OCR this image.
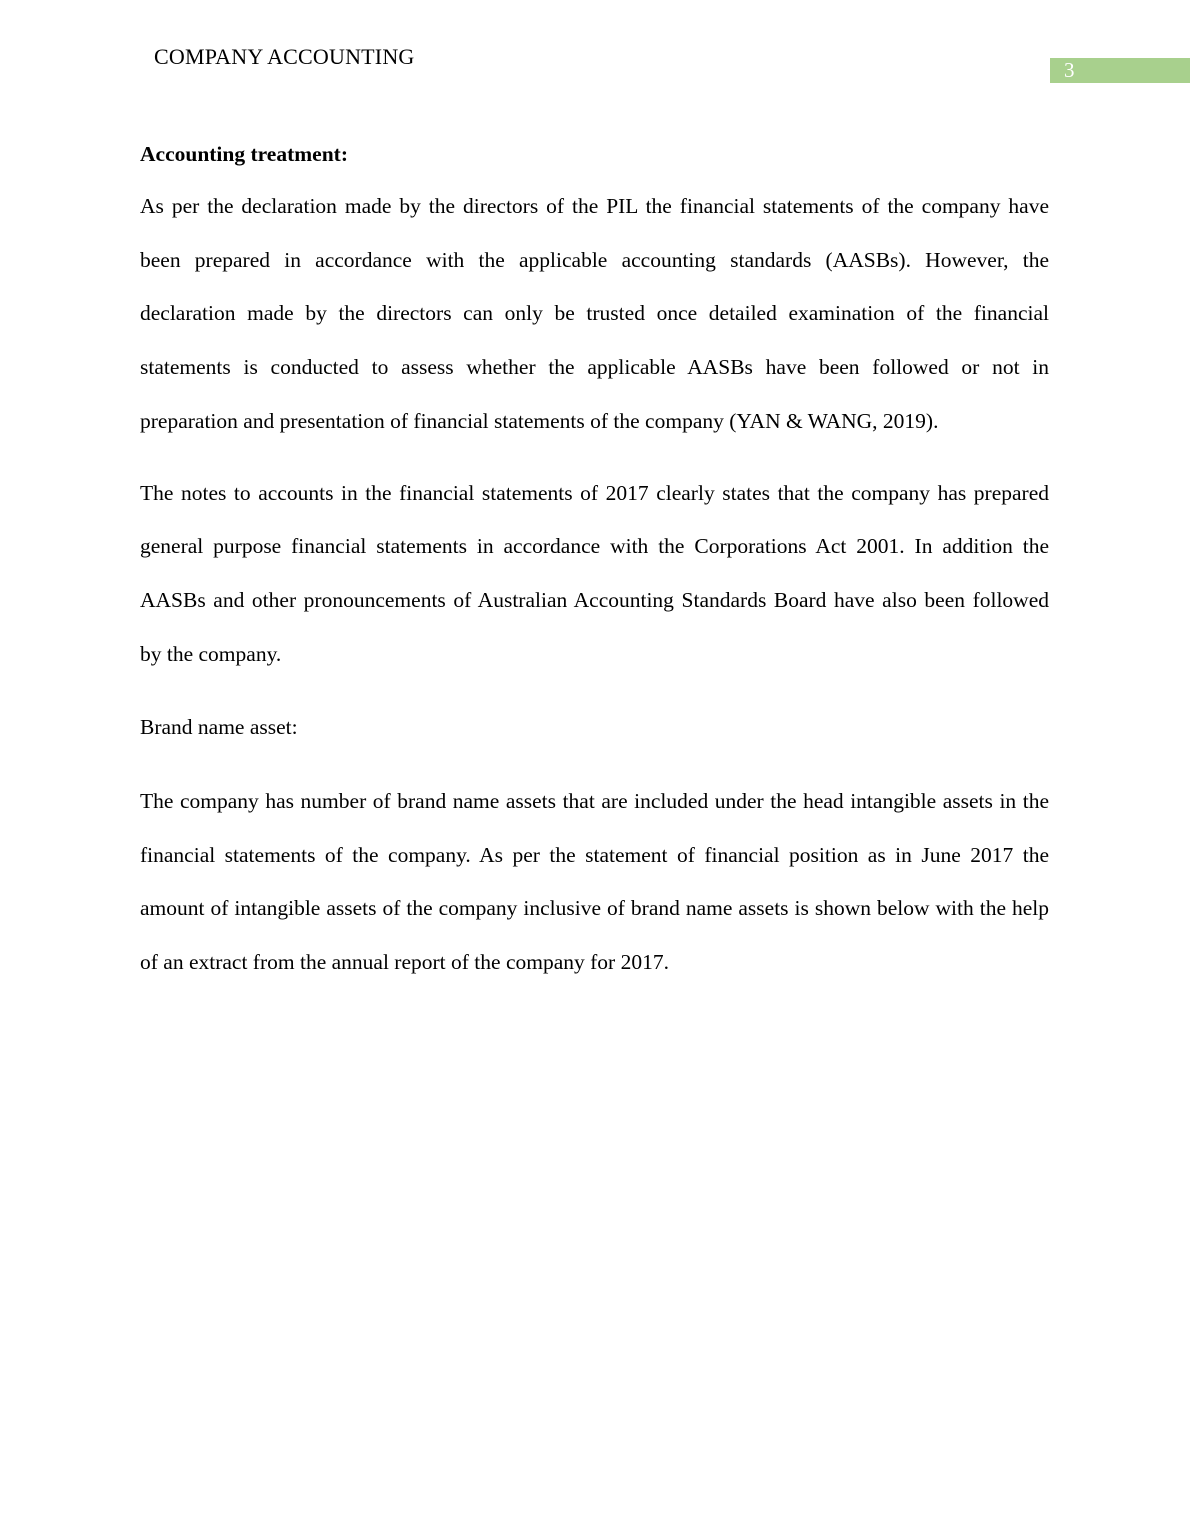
COMPANY ACCOUNTING
3
Accounting treatment:

As per the declaration made by the directors of the PIL the financial statements of the company have been prepared in accordance with the applicable accounting standards (AASBs). However, the declaration made by the directors can only be trusted once detailed examination of the financial statements is conducted to assess whether the applicable AASBs have been followed or not in preparation and presentation of financial statements of the company (YAN & WANG, 2019).

The notes to accounts in the financial statements of 2017 clearly states that the company has prepared general purpose financial statements in accordance with the Corporations Act 2001. In addition the AASBs and other pronouncements of Australian Accounting Standards Board have also been followed by the company.

Brand name asset:

The company has number of brand name assets that are included under the head intangible assets in the financial statements of the company. As per the statement of financial position as in June 2017 the amount of intangible assets of the company inclusive of brand name assets is shown below with the help of an extract from the annual report of the company for 2017.
